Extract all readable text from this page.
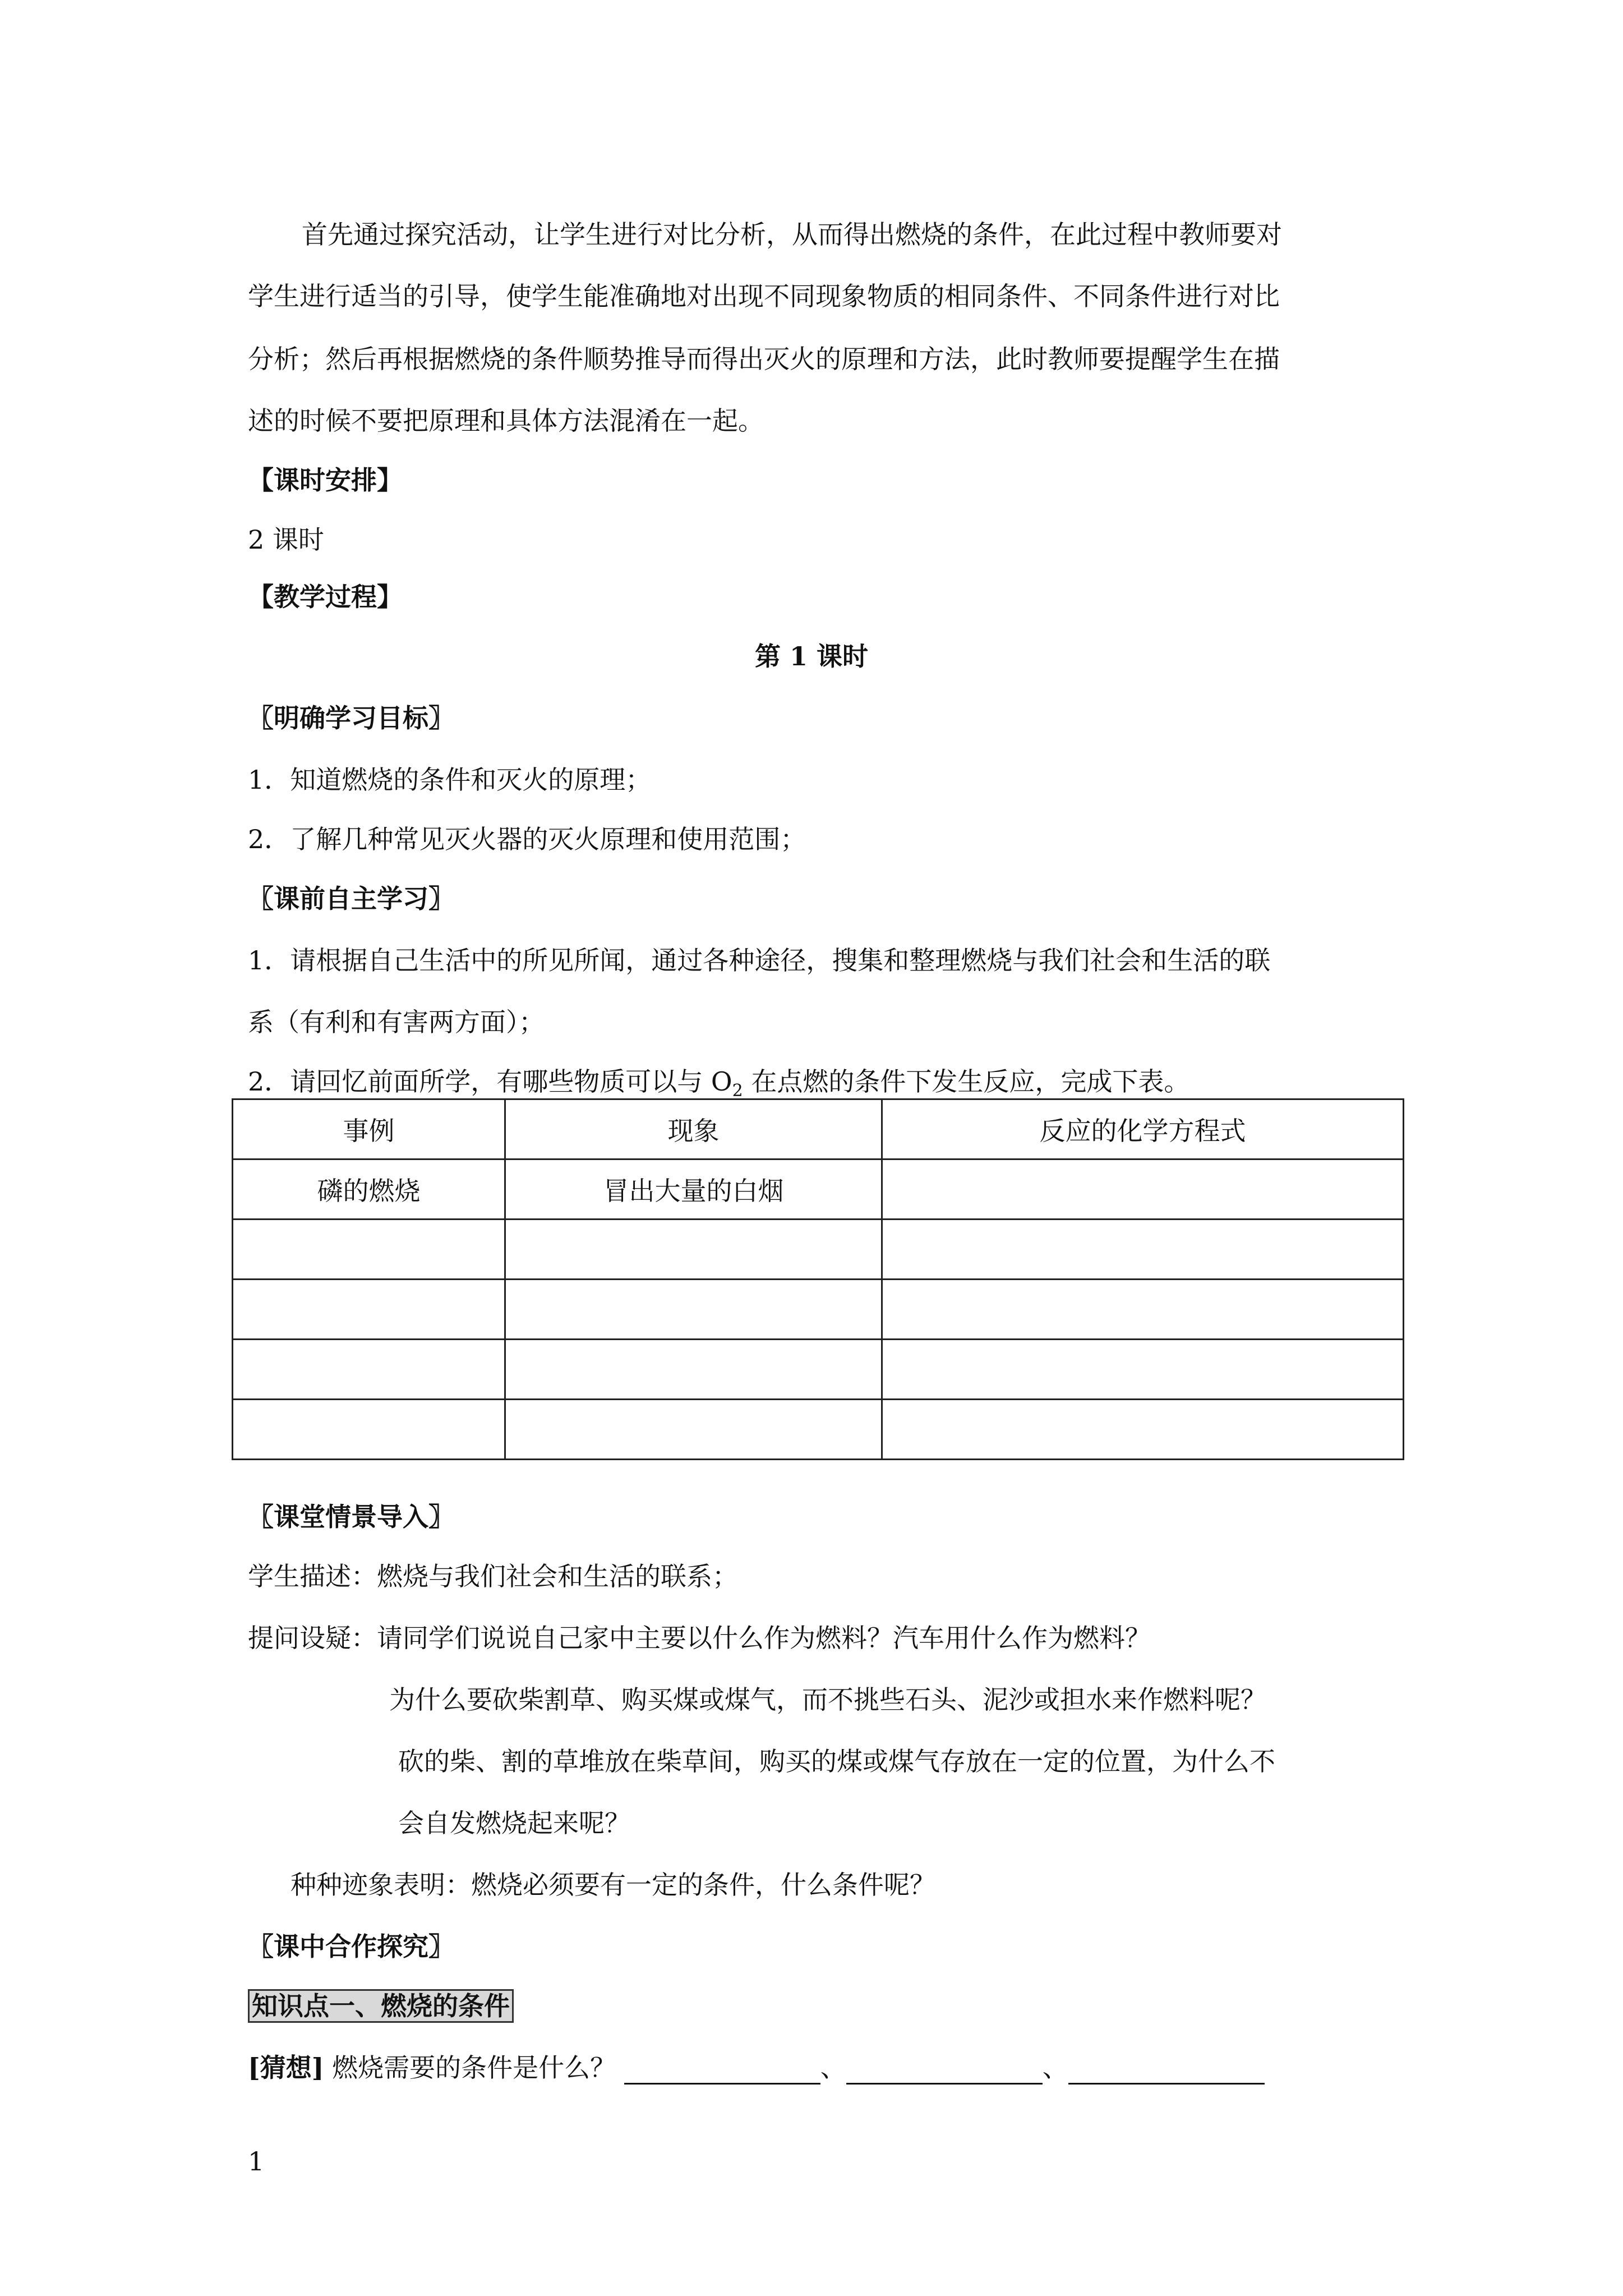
首先通过探究活动，让学生进行对比分析，从而得出燃烧的条件，在此过程中教师要对
学生进行适当的引导，使学生能准确地对出现不同现象物质的相同条件、不同条件进行对比
分析；然后再根据燃烧的条件顺势推导而得出灭火的原理和方法，此时教师要提醒学生在描
述的时候不要把原理和具体方法混淆在一起。
【课时安排】
2 课时
【教学过程】
第 1 课时
〖明确学习目标〗
1．知道燃烧的条件和灭火的原理；
2．了解几种常见灭火器的灭火原理和使用范围；
〖课前自主学习〗
1．请根据自己生活中的所见所闻，通过各种途径，搜集和整理燃烧与我们社会和生活的联
系（有利和有害两方面）；
2．请回忆前面所学，有哪些物质可以与 $O_2$ 在点燃的条件下发生反应，完成下表。
事例	现象	反应的化学方程式
磷的燃烧	冒出大量的白烟	

〖课堂情景导入〗
学生描述：燃烧与我们社会和生活的联系；
提问设疑：请同学们说说自己家中主要以什么作为燃料？汽车用什么作为燃料？
为什么要砍柴割草、购买煤或煤气，而不挑些石头、泥沙或担水来作燃料呢？
砍的柴、割的草堆放在柴草间，购买的煤或煤气存放在一定的位置，为什么不
会自发燃烧起来呢？
种种迹象表明：燃烧必须要有一定的条件，什么条件呢？
〖课中合作探究〗
知识点一、燃烧的条件
[猜想] 燃烧需要的条件是什么？	、	、
1
